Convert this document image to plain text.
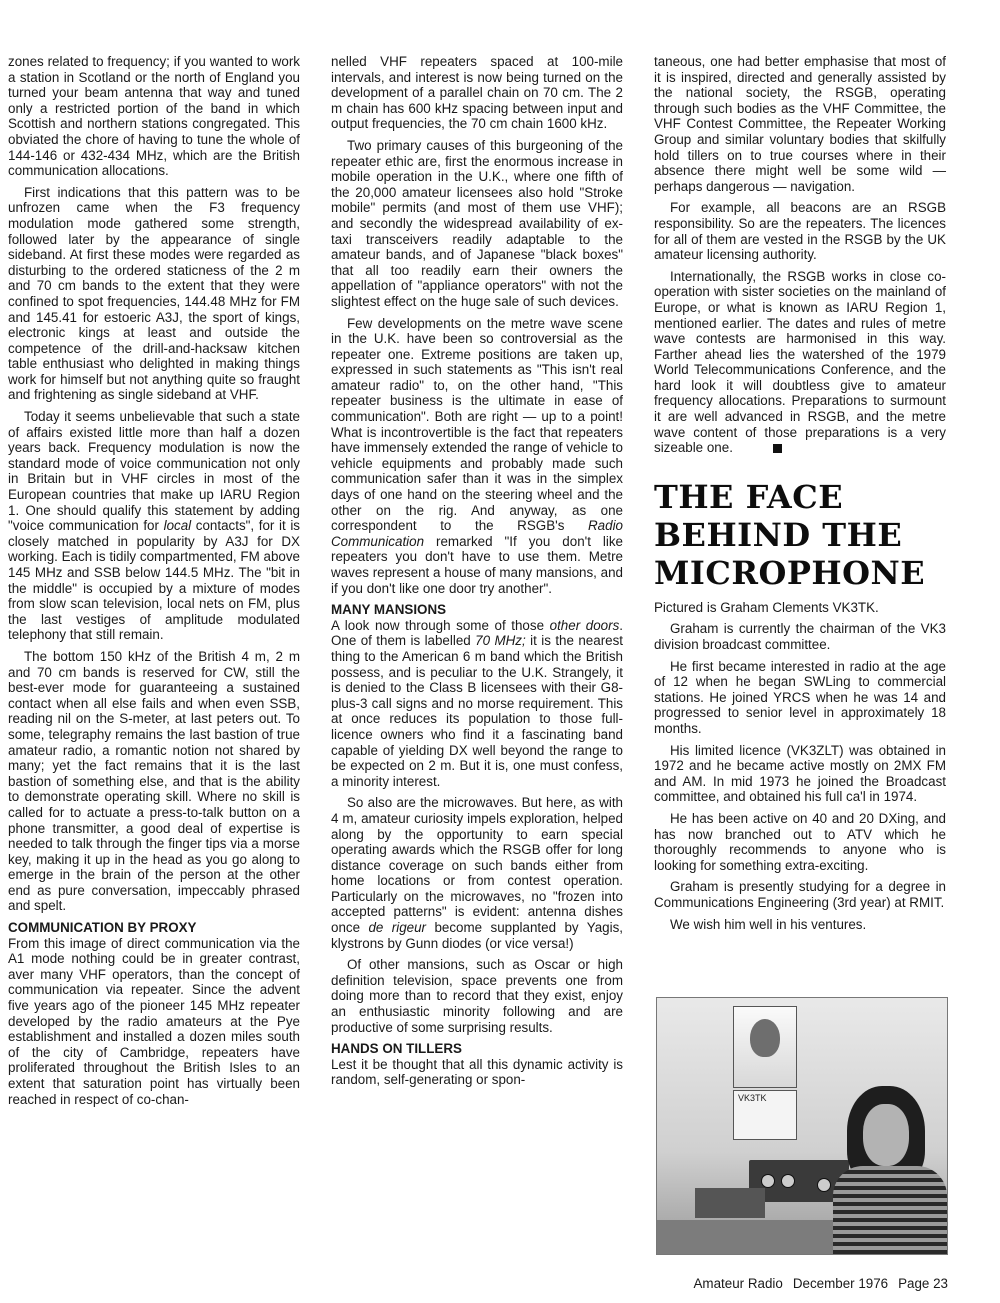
zones related to frequency; if you wanted to work a station in Scotland or the north of England you turned your beam antenna that way and tuned only a restricted portion of the band in which Scottish and northern stations congregated. This obviated the chore of having to tune the whole of 144-146 or 432-434 MHz, which are the British communication allocations.

First indications that this pattern was to be unfrozen came when the F3 frequency modulation mode gathered some strength, followed later by the appearance of single sideband. At first these modes were regarded as disturbing to the ordered staticness of the 2 m and 70 cm bands to the extent that they were confined to spot frequencies, 144.48 MHz for FM and 145.41 for estoeric A3J, the sport of kings, electronic kings at least and outside the competence of the drill-and-hacksaw kitchen table enthusiast who delighted in making things work for himself but not anything quite so fraught and frightening as single sideband at VHF.

Today it seems unbelievable that such a state of affairs existed little more than half a dozen years back. Frequency modulation is now the standard mode of voice communication not only in Britain but in VHF circles in most of the European countries that make up IARU Region 1. One should qualify this statement by adding "voice communication for local contacts", for it is closely matched in popularity by A3J for DX working. Each is tidily compartmented, FM above 145 MHz and SSB below 144.5 MHz. The "bit in the middle" is occupied by a mixture of modes from slow scan television, local nets on FM, plus the last vestiges of amplitude modulated telephony that still remain.

The bottom 150 kHz of the British 4 m, 2 m and 70 cm bands is reserved for CW, still the best-ever mode for guaranteeing a sustained contact when all else fails and when even SSB, reading nil on the S-meter, at last peters out. To some, telegraphy remains the last bastion of true amateur radio, a romantic notion not shared by many; yet the fact remains that it is the last bastion of something else, and that is the ability to demonstrate operating skill. Where no skill is called for to actuate a press-to-talk button on a phone transmitter, a good deal of expertise is needed to talk through the finger tips via a morse key, making it up in the head as you go along to emerge in the brain of the person at the other end as pure conversation, impeccably phrased and spelt.

COMMUNICATION BY PROXY

From this image of direct communication via the A1 mode nothing could be in greater contrast, aver many VHF operators, than the concept of communication via repeater. Since the advent five years ago of the pioneer 145 MHz repeater developed by the radio amateurs at the Pye establishment and installed a dozen miles south of the city of Cambridge, repeaters have proliferated throughout the British Isles to an extent that saturation point has virtually been reached in respect of co-chan-

nelled VHF repeaters spaced at 100-mile intervals, and interest is now being turned on the development of a parallel chain on 70 cm. The 2 m chain has 600 kHz spacing between input and output frequencies, the 70 cm chain 1600 kHz.

Two primary causes of this burgeoning of the repeater ethic are, first the enormous increase in mobile operation in the U.K., where one fifth of the 20,000 amateur licensees also hold "Stroke mobile" permits (and most of them use VHF); and secondly the widespread availability of ex-taxi transceivers readily adaptable to the amateur bands, and of Japanese "black boxes" that all too readily earn their owners the appellation of "appliance operators" with not the slightest effect on the huge sale of such devices.

Few developments on the metre wave scene in the U.K. have been so controversial as the repeater one. Extreme positions are taken up, expressed in such statements as "This isn't real amateur radio" to, on the other hand, "This repeater business is the ultimate in ease of communication". Both are right — up to a point! What is incontrovertible is the fact that repeaters have immensely extended the range of vehicle to vehicle equipments and probably made such communication safer than it was in the simplex days of one hand on the steering wheel and the other on the rig. And anyway, as one correspondent to the RSGB's Radio Communication remarked "If you don't like repeaters you don't have to use them. Metre waves represent a house of many mansions, and if you don't like one door try another".

MANY MANSIONS

A look now through some of those other doors. One of them is labelled 70 MHz; it is the nearest thing to the American 6 m band which the British possess, and is peculiar to the U.K. Strangely, it is denied to the Class B licensees with their G8-plus-3 call signs and no morse requirement. This at once reduces its population to those full-licence owners who find it a fascinating band capable of yielding DX well beyond the range to be expected on 2 m. But it is, one must confess, a minority interest.

So also are the microwaves. But here, as with 4 m, amateur curiosity impels exploration, helped along by the opportunity to earn special operating awards which the RSGB offer for long distance coverage on such bands either from home locations or from contest operation. Particularly on the microwaves, no "frozen into accepted patterns" is evident: antenna dishes once de rigeur become supplanted by Yagis, klystrons by Gunn diodes (or vice versa!)

Of other mansions, such as Oscar or high definition television, space prevents one from doing more than to record that they exist, enjoy an enthusiastic minority following and are productive of some surprising results.

HANDS ON TILLERS

Lest it be thought that all this dynamic activity is random, self-generating or spon-

taneous, one had better emphasise that most of it is inspired, directed and generally assisted by the national society, the RSGB, operating through such bodies as the VHF Committee, the VHF Contest Committee, the Repeater Working Group and similar voluntary bodies that skilfully hold tillers on to true courses where in their absence there might well be some wild — perhaps dangerous — navigation.

For example, all beacons are an RSGB responsibility. So are the repeaters. The licences for all of them are vested in the RSGB by the UK amateur licensing authority.

Internationally, the RSGB works in close co-operation with sister societies on the mainland of Europe, or what is known as IARU Region 1, mentioned earlier. The dates and rules of metre wave contests are harmonised in this way. Farther ahead lies the watershed of the 1979 World Telecommunications Conference, and the hard look it will doubtless give to amateur frequency allocations. Preparations to surmount it are well advanced in RSGB, and the metre wave content of those preparations is a very sizeable one.

THE FACE
BEHIND THE
MICROPHONE

Pictured is Graham Clements VK3TK.

Graham is currently the chairman of the VK3 division broadcast committee.

He first became interested in radio at the age of 12 when he began SWLing to commercial stations. He joined YRCS when he was 14 and progressed to senior level in approximately 18 months.

His limited licence (VK3ZLT) was obtained in 1972 and he became active mostly on 2MX FM and AM. In mid 1973 he joined the Broadcast committee, and obtained his full ca'l in 1974.

He has been active on 40 and 20 DXing, and has now branched out to ATV which he thoroughly recommends to anyone who is looking for something extra-exciting.

Graham is presently studying for a degree in Communications Engineering (3rd year) at RMIT.

We wish him well in his ventures.

VK3TK
Amateur Radio December 1976 Page 23
